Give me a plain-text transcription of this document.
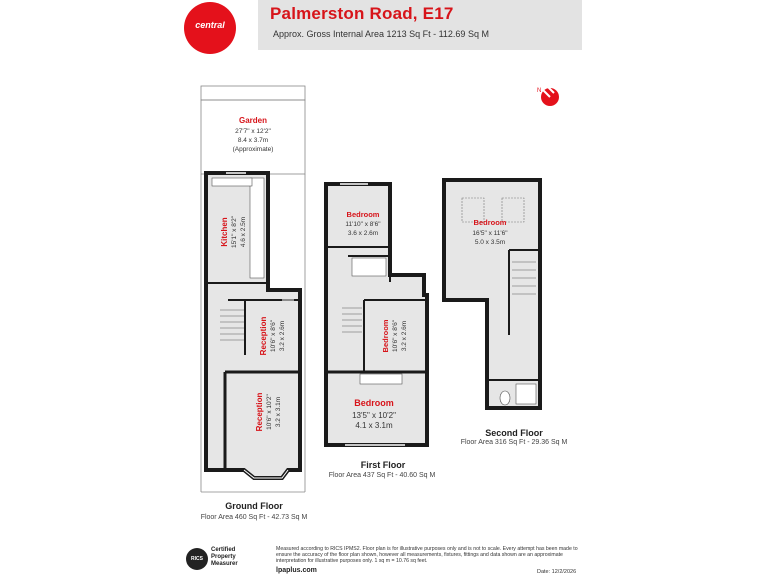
central
Palmerston Road, E17
Approx. Gross Internal Area 1213 Sq Ft - 112.69 Sq M
N
Garden
27'7" x 12'2"
8.4 x 3.7m
(Approximate)
Kitchen 15'1" x 8'2" 4.6 x 2.5m
Reception 10'6" x 8'6" 3.2 x 2.6m
Reception 10'6" x 10'2" 3.2 x 3.1m
Bedroom
11'10" x 8'6"
3.6 x 2.6m
Bedroom 10'6" x 8'6" 3.2 x 2.6m
Bedroom
13'5" x 10'2"
4.1 x 3.1m
Bedroom
16'5" x 11'6"
5.0 x 3.5m
Ground Floor
Floor Area 460 Sq Ft - 42.73 Sq M
First Floor
Floor Area 437 Sq Ft - 40.60 Sq M
Second Floor
Floor Area 316 Sq Ft - 29.36 Sq M
RICS
Certified
Property
Measurer
Measured according to RICS IPMS2. Floor plan is for illustrative purposes only and is not to scale. Every attempt has been made to ensure the accuracy of the floor plan shown, however all measurements, fixtures, fittings and data shown are an approximate interpretation for illustrative purposes only. 1 sq m = 10.76 sq feet.
lpaplus.com	Date: 12/2/2026
